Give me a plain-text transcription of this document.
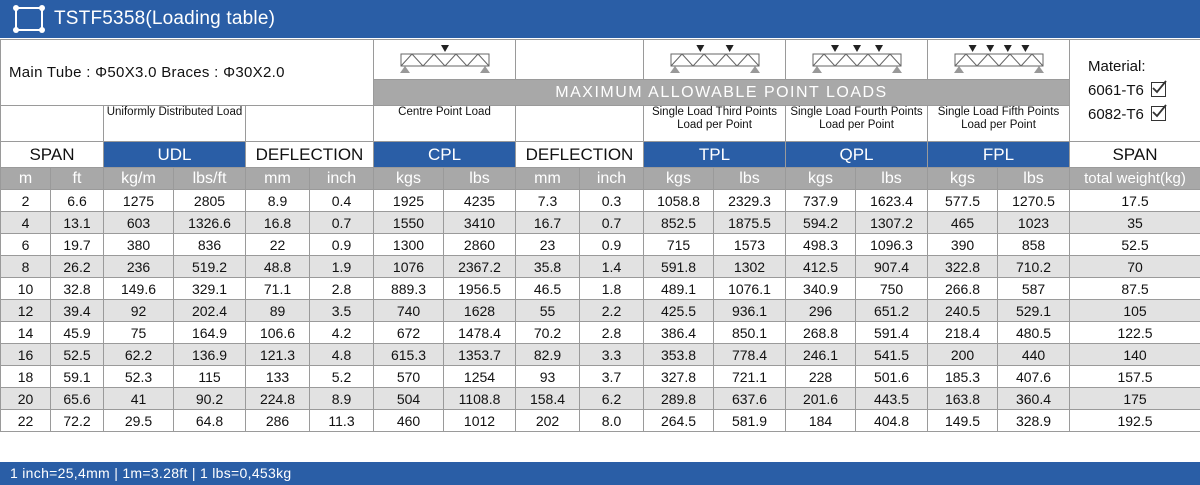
TSTF5358(Loading table)
Main Tube : Φ50X3.0 Braces : Φ30X2.0																Material:
6061-T6
6082-T6

						MAXIMUM ALLOWABLE POINT LOADS										
		Uniformly Distributed Load				Centre Point Load				Single Load Third Points Load per Point		Single Load Fourth Points Load per Point		Single Load Fifth Points Load per Point		
SPAN		UDL		DEFLECTION		CPL		DEFLECTION		TPL		QPL		FPL		SPAN
m	ft	kg/m	lbs/ft	mm	inch	kgs	lbs	mm	inch	kgs	lbs	kgs	lbs	kgs	lbs	total weight(kg)
2	6.6	1275	2805	8.9	0.4	1925	4235	7.3	0.3	1058.8	2329.3	737.9	1623.4	577.5	1270.5	17.5
4	13.1	603	1326.6	16.8	0.7	1550	3410	16.7	0.7	852.5	1875.5	594.2	1307.2	465	1023	35
6	19.7	380	836	22	0.9	1300	2860	23	0.9	715	1573	498.3	1096.3	390	858	52.5
8	26.2	236	519.2	48.8	1.9	1076	2367.2	35.8	1.4	591.8	1302	412.5	907.4	322.8	710.2	70
10	32.8	149.6	329.1	71.1	2.8	889.3	1956.5	46.5	1.8	489.1	1076.1	340.9	750	266.8	587	87.5
12	39.4	92	202.4	89	3.5	740	1628	55	2.2	425.5	936.1	296	651.2	240.5	529.1	105
14	45.9	75	164.9	106.6	4.2	672	1478.4	70.2	2.8	386.4	850.1	268.8	591.4	218.4	480.5	122.5
16	52.5	62.2	136.9	121.3	4.8	615.3	1353.7	82.9	3.3	353.8	778.4	246.1	541.5	200	440	140
18	59.1	52.3	115	133	5.2	570	1254	93	3.7	327.8	721.1	228	501.6	185.3	407.6	157.5
20	65.6	41	90.2	224.8	8.9	504	1108.8	158.4	6.2	289.8	637.6	201.6	443.5	163.8	360.4	175
22	72.2	29.5	64.8	286	11.3	460	1012	202	8.0	264.5	581.9	184	404.8	149.5	328.9	192.5
1 inch=25,4mm | 1m=3.28ft | 1 lbs=0,453kg
